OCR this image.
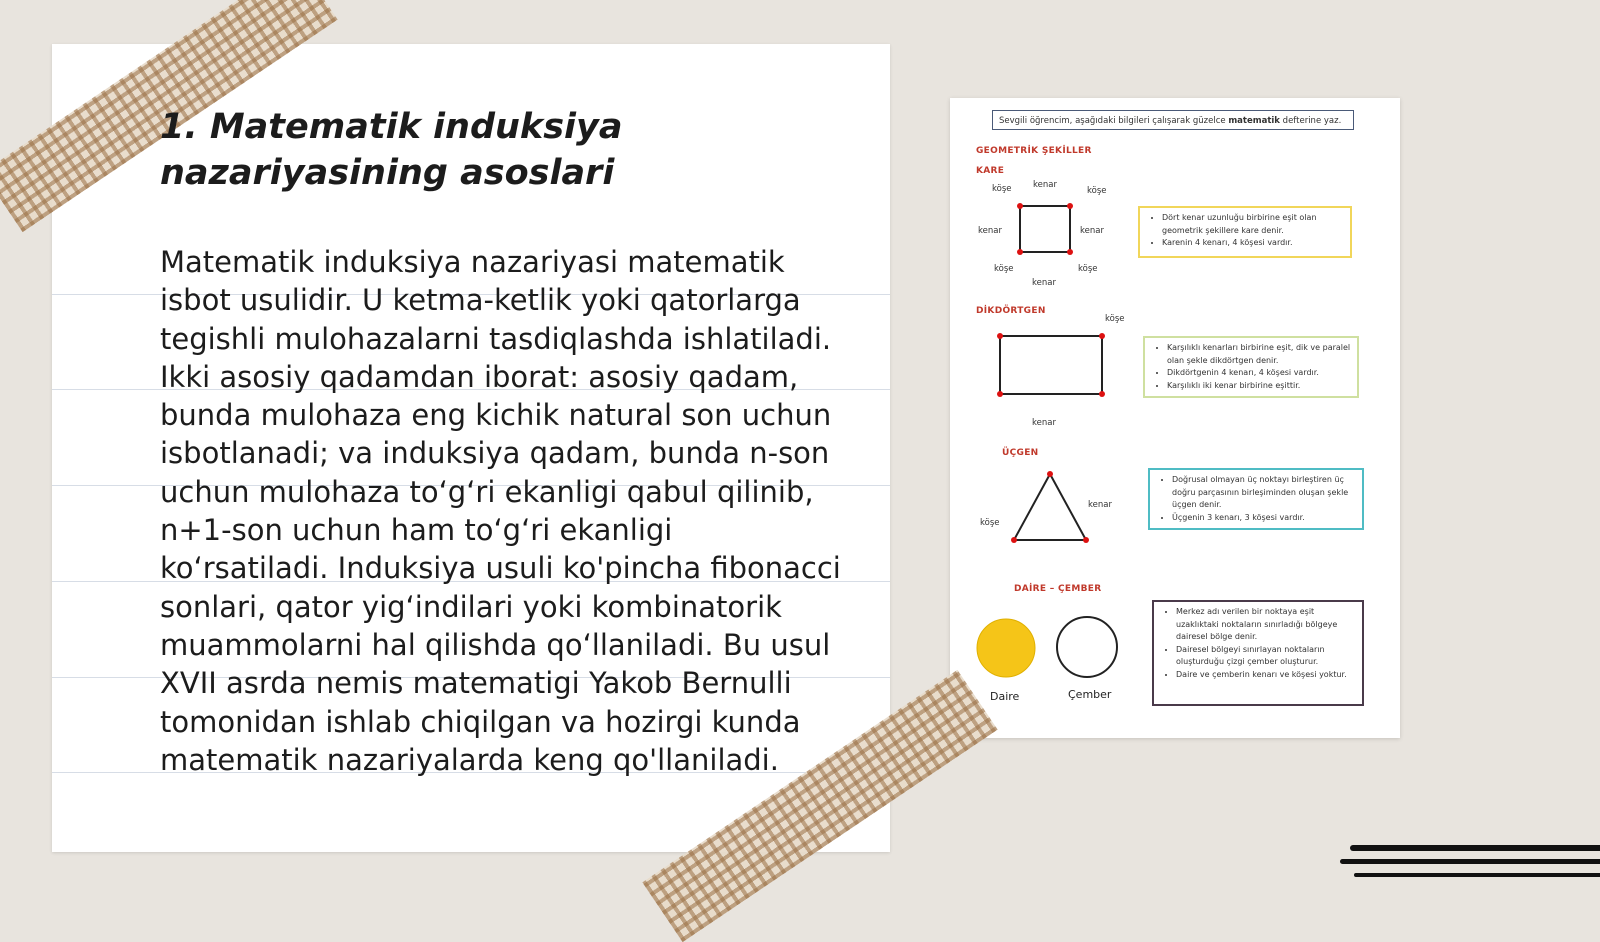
1. Matematik induksiya
nazariyasining asoslari

Matematik induksiya nazariyasi matematik isbot usulidir. U ketma-ketlik yoki qatorlarga tegishli mulohazalarni tasdiqlashda ishlatiladi. Ikki asosiy qadamdan iborat: asosiy qadam, bunda mulohaza eng kichik natural son uchun isbotlanadi; va induksiya qadam, bunda n-son uchun mulohaza to‘g‘ri ekanligi qabul qilinib, n+1-son uchun ham to‘g‘ri ekanligi ko‘rsatiladi. Induksiya usuli ko'pincha fibonacci sonlari, qator yig‘indilari yoki kombinatorik muammolarni hal qilishda qo‘llaniladi. Bu usul XVII asrda nemis matematigi Yakob Bernulli tomonidan ishlab chiqilgan va hozirgi kunda matematik nazariyalarda keng qo'llaniladi.

Sevgili öğrencim, aşağıdaki bilgileri çalışarak güzelce matematik defterine yaz.
GEOMETRİK ŞEKİLLER
KARE
köşe	kenar
köşe
kenar	kenar
köşe	köşe
kenar
• Dört kenar uzunluğu birbirine eşit olan geometrik şekillere kare denir.
• Karenin 4 kenarı, 4 köşesi vardır.
DİKDÖRTGEN
köşe
kenar
• Karşılıklı kenarları birbirine eşit, dik ve paralel olan şekle dikdörtgen denir.
• Dikdörtgenin 4 kenarı, 4 köşesi vardır.
• Karşılıklı iki kenar birbirine eşittir.
ÜÇGEN
köşe
kenar
• Doğrusal olmayan üç noktayı birleştiren üç doğru parçasının birleşiminden oluşan şekle üçgen denir.
• Üçgenin 3 kenarı, 3 köşesi vardır.
DAİRE – ÇEMBER
Daire	Çember
• Merkez adı verilen bir noktaya eşit uzaklıktaki noktaların sınırladığı bölgeye dairesel bölge denir.
• Dairesel bölgeyi sınırlayan noktaların oluşturduğu çizgi çember oluşturur.
• Daire ve çemberin kenarı ve köşesi yoktur.
